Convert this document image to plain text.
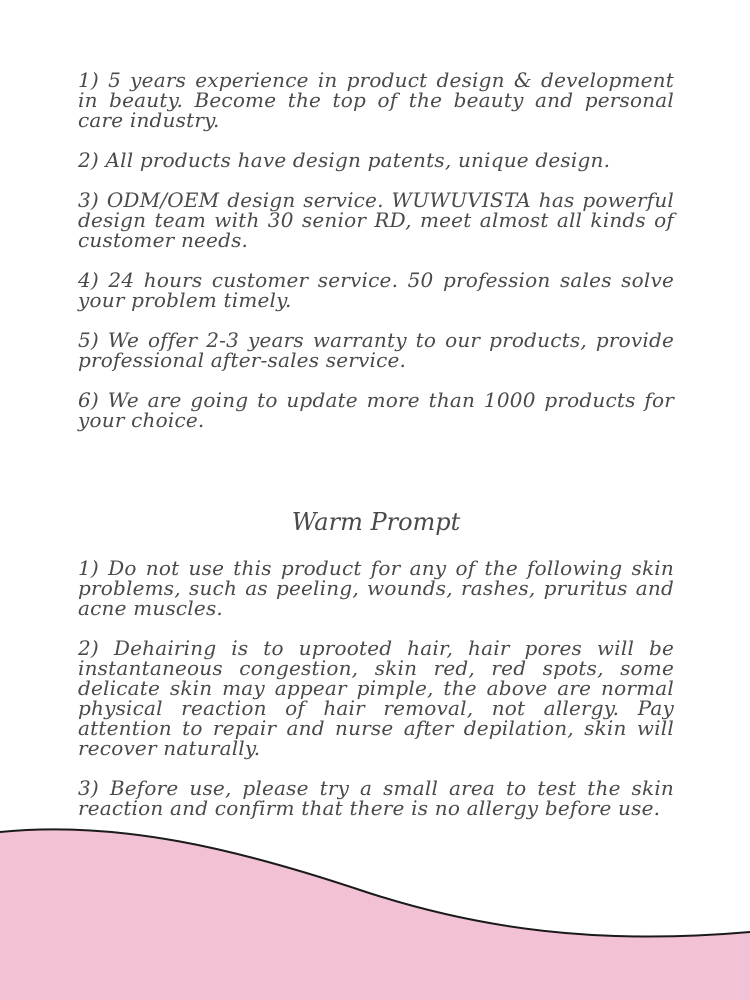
1) 5 years experience in product design & development in beauty. Become the top of the beauty and personal care industry.

2) All products have design patents, unique design.

3) ODM/OEM design service. WUWUVISTA has powerful design team with 30 senior RD, meet almost all kinds of customer needs.

4) 24 hours customer service. 50 profession sales solve your problem timely.

5) We offer 2-3 years warranty to our products, provide professional after-sales service.

6) We are going to update more than 1000 products for your choice.

Warm Prompt

1) Do not use this product for any of the following skin problems, such as peeling, wounds, rashes, pruritus and acne muscles.

2) Dehairing is to uprooted hair, hair pores will be instantaneous congestion, skin red, red spots, some delicate skin may appear pimple, the above are normal physical reaction of hair removal, not allergy. Pay attention to repair and nurse after depilation, skin will recover naturally.

3) Before use, please try a small area to test the skin reaction and confirm that there is no allergy before use.
